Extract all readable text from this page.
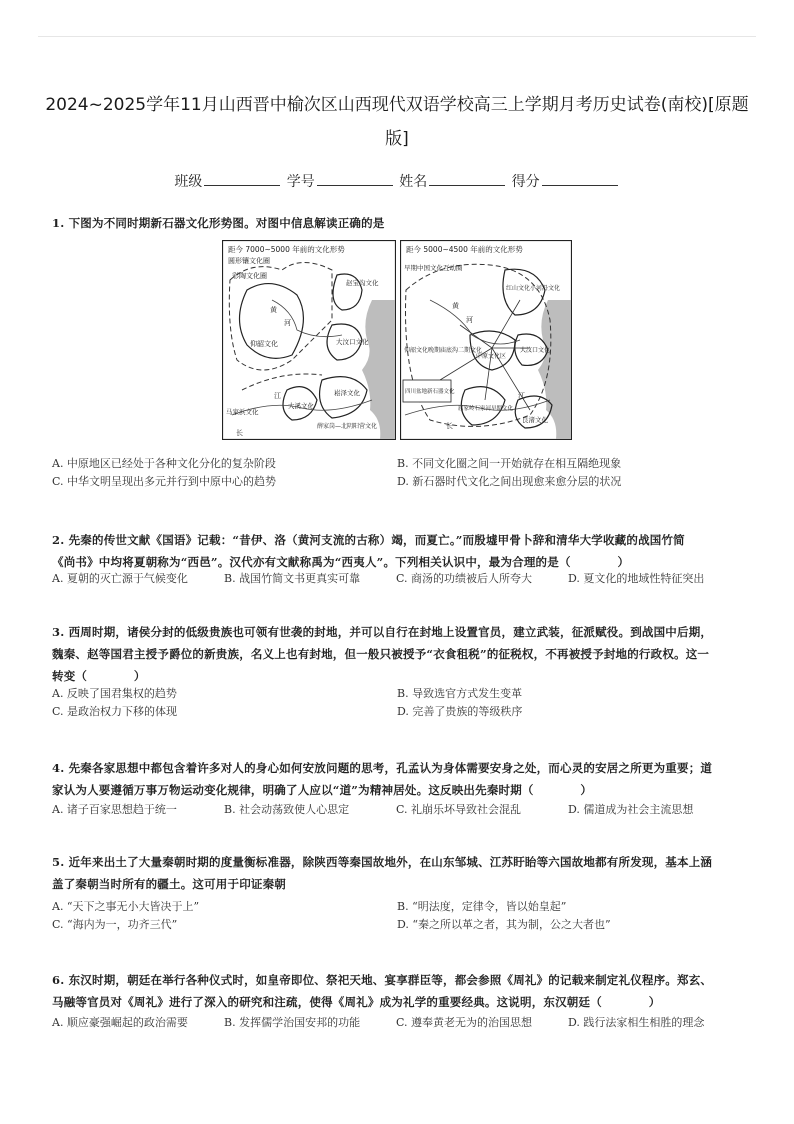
2024~2025学年11月山西晋中榆次区山西现代双语学校高三上学期月考历史试卷(南校)[原题
版]
班级	学号	姓名	得分
1. 下图为不同时期新石器文化形势图。对图中信息解读正确的是
距今 7000~5000 年前的文化形势
圆形镶文化圈
彩陶文化圈
赵宝沟文化
黄
河
仰韶文化	大汶口文化
江
马家浜文化
崧泽文化
薛家岗—北阴阳营文化
大溪文化
长
距今 5000~4500 年前的文化形势
早期中国文化互动圈
红山文化小河沿文化
黄
河
仰韶文化晚期庙底沟二期文化
中原文化区
大汶口文化
四川盆地新石器文化
屈家岭石家河早期文化
江
良渚文化
长
A. 中原地区已经处于各种文化分化的复杂阶段	B. 不同文化圈之间一开始就存在相互隔绝现象
C. 中华文明呈现出多元并行到中原中心的趋势	D. 新石器时代文化之间出现愈来愈分层的状况
2. 先秦的传世文献《国语》记载：“昔伊、洛（黄河支流的古称）竭，而夏亡。”而殷墟甲骨卜辞和清华大学收藏的战国竹简
《尚书》中均将夏朝称为“西邑”。汉代亦有文献称禹为“西夷人”。下列相关认识中，最为合理的是（　　　　）
A. 夏朝的灭亡源于气候变化	B. 战国竹简文书更真实可靠	C. 商汤的功绩被后人所夸大	D. 夏文化的地域性特征突出
3. 西周时期，诸侯分封的低级贵族也可领有世袭的封地，并可以自行在封地上设置官员，建立武装，征派赋役。到战国中后期，
魏秦、赵等国君主授予爵位的新贵族，名义上也有封地，但一般只被授予“衣食租税”的征税权，不再被授予封地的行政权。这一
转变（　　　　）
A. 反映了国君集权的趋势	B. 导致选官方式发生变革
C. 是政治权力下移的体现	D. 完善了贵族的等级秩序
4. 先秦各家思想中都包含着许多对人的身心如何安放问题的思考，孔孟认为身体需要安身之处，而心灵的安居之所更为重要；道
家认为人要遵循万事万物运动变化规律，明确了人应以“道”为精神居处。这反映出先秦时期（　　　　）
A. 诸子百家思想趋于统一	B. 社会动荡致使人心思定	C. 礼崩乐坏导致社会混乱	D. 儒道成为社会主流思想
5. 近年来出土了大量秦朝时期的度量衡标准器，除陕西等秦国故地外，在山东邹城、江苏盱眙等六国故地都有所发现，基本上涵
盖了秦朝当时所有的疆土。这可用于印证秦朝
A. “天下之事无小大皆决于上”	B. “明法度，定律令，皆以始皇起”
C. “海内为一，功齐三代”	D. “秦之所以革之者，其为制，公之大者也”
6. 东汉时期，朝廷在举行各种仪式时，如皇帝即位、祭祀天地、宴享群臣等，都会参照《周礼》的记载来制定礼仪程序。郑玄、
马融等官员对《周礼》进行了深入的研究和注疏，使得《周礼》成为礼学的重要经典。这说明，东汉朝廷（　　　　）
A. 顺应豪强崛起的政治需要	B. 发挥儒学治国安邦的功能	C. 遵奉黄老无为的治国思想	D. 践行法家相生相胜的理念
